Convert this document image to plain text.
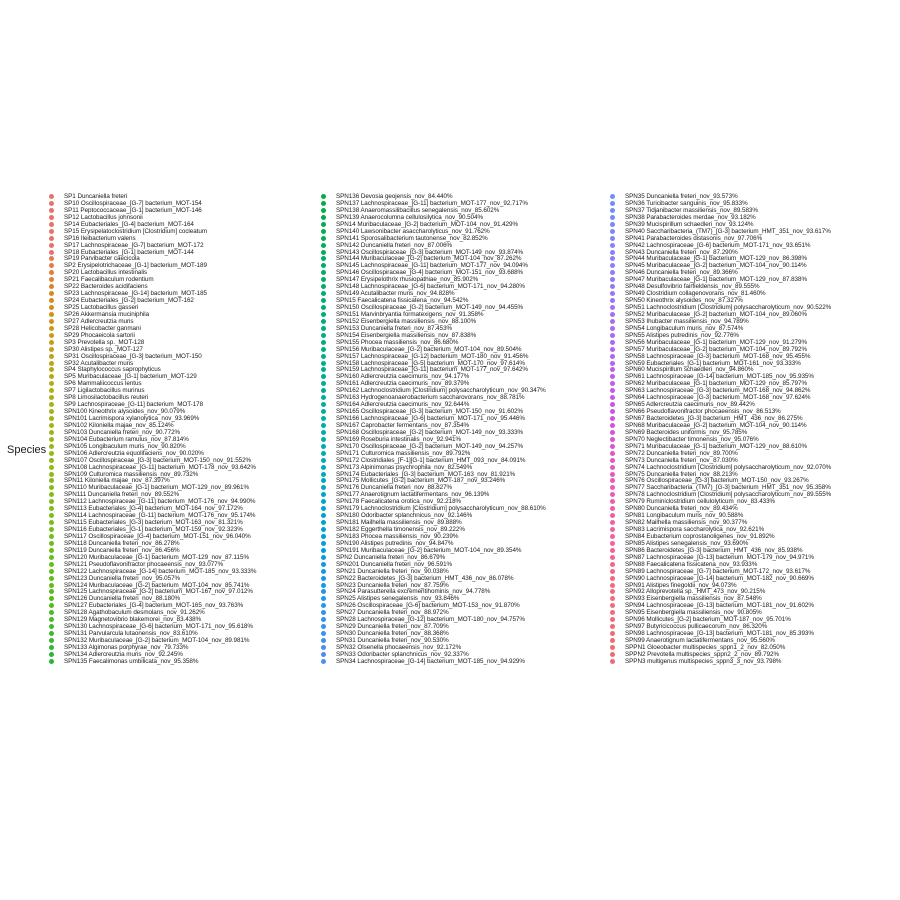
Species
SP1 Duncaniella freteri
SP10 Oscillospiraceae_[G-7] bacterium_MOT-154
SP11 Peptococcaceae_[G-1] bacterium_MOT-146
SP12 Lactobacillus johnsonii
SP14 Eubacteriales_[G-4] bacterium_MOT-164
SP15 Erysipelatoclostridium [Clostridium] cocleatum
SP16 Ileibacterium valens
SP17 Lachnospiraceae_[G-7] bacterium_MOT-172
SP18 Eubacteriales_[G-1] bacterium_MOT-144
SP19 Parvibacter caecicola
SP2 Erysipelotrichaceae_[G-1] bacterium_MOT-189
SP20 Lactobacillus intestinalis
SP21 Faecalibaculum rodentium
SP22 Bacteroides acidifaciens
SP23 Lachnospiraceae_[G-14] bacterium_MOT-185
SP24 Eubacteriales_[G-2] bacterium_MOT-162
SP25 Lactobacillus gasseri
SP26 Akkermansia muciniphila
SP27 Adlercreutzia muris
SP28 Helicobacter ganmani
SP29 Phocaeicola sartorii
SP3 Prevotella sp._MOT-128
SP30 Alistipes sp._MOT-127
SP31 Oscillospiraceae_[G-3] bacterium_MOT-150
SP32 Acutalibacter muris
SP4 Staphylococcus saprophyticus
SP5 Muribaculaceae_[G-1] bacterium_MOT-129
SP6 Mammaliicoccus lentus
SP7 Ligilactobacillus murinus
SP8 Limosilactobacillus reuteri
SP9 Lachnospiraceae_[G-11] bacterium_MOT-178
SPN100 Kineothrix alysoides_nov_90.079%
SPN101 Lacrimispora xylanolytica_nov_93.969%
SPN102 Kiloniella majae_nov_85.124%
SPN103 Duncaniella freteri_nov_90.772%
SPN104 Eubacterium ramulus_nov_87.814%
SPN105 Longibaculum muris_nov_90.820%
SPN106 Adlercreutzia equolifaciens_nov_90.020%
SPN107 Oscillospiraceae_[G-3] bacterium_MOT-150_nov_91.552%
SPN108 Lachnospiraceae_[G-11] bacterium_MOT-178_nov_93.642%
SPN109 Culturomica massiliensis_nov_89.732%
SPN11 Kiloniella majae_nov_87.397%
SPN110 Muribaculaceae_[G-1] bacterium_MOT-129_nov_89.961%
SPN111 Duncaniella freteri_nov_89.552%
SPN112 Lachnospiraceae_[G-11] bacterium_MOT-176_nov_94.990%
SPN113 Eubacteriales_[G-4] bacterium_MOT-164_nov_97.172%
SPN114 Lachnospiraceae_[G-11] bacterium_MOT-176_nov_95.174%
SPN115 Eubacteriales_[G-3] bacterium_MOT-163_nov_81.321%
SPN116 Eubacteriales_[G-1] bacterium_MOT-159_nov_92.323%
SPN117 Oscillospiraceae_[G-4] bacterium_MOT-151_nov_96.040%
SPN118 Duncaniella freteri_nov_86.278%
SPN119 Duncaniella freteri_nov_86.456%
SPN120 Muribaculaceae_[G-1] bacterium_MOT-129_nov_87.115%
SPN121 Pseudoflavonifractor phocaeensis_nov_93.077%
SPN122 Lachnospiraceae_[G-14] bacterium_MOT-185_nov_93.333%
SPN123 Duncaniella freteri_nov_95.057%
SPN124 Muribaculaceae_[G-2] bacterium_MOT-104_nov_85.741%
SPN125 Lachnospiraceae_[G-2] bacterium_MOT-167_nov_97.012%
SPN126 Duncaniella freteri_nov_88.180%
SPN127 Eubacteriales_[G-4] bacterium_MOT-165_nov_93.763%
SPN128 Agathobaculum desmolans_nov_91.262%
SPN129 Magnetovibrio blakemorei_nov_83.438%
SPN130 Lachnospiraceae_[G-6] bacterium_MOT-171_nov_95.618%
SPN131 Parvularcula lutaonensis_nov_83.610%
SPN132 Muribaculaceae_[G-2] bacterium_MOT-104_nov_89.981%
SPN133 Algimonas porphyrae_nov_79.733%
SPN134 Adlercreutzia muris_nov_92.245%
SPN135 Faecalimonas umbilicata_nov_95.358%
SPN136 Devosia geojensis_nov_84.440%
SPN137 Lachnospiraceae_[G-11] bacterium_MOT-177_nov_92.717%
SPN138 Anaeromassilibacillus senegalensis_nov_85.602%
SPN139 Anaerocolumna cellulosilytica_nov_90.504%
SPN14 Muribaculaceae_[G-2] bacterium_MOT-104_nov_91.429%
SPN140 Lawsonibacter asaccharolyticus_nov_91.762%
SPN141 Sporosalibacterium tautonense_nov_82.852%
SPN142 Duncaniella freteri_nov_87.006%
SPN143 Oscillospiraceae_[G-3] bacterium_MOT-149_nov_93.874%
SPN144 Muribaculaceae_[G-2] bacterium_MOT-104_nov_87.262%
SPN145 Lachnospiraceae_[G-11] bacterium_MOT-177_nov_94.094%
SPN146 Oscillospiraceae_[G-4] bacterium_MOT-151_nov_93.688%
SPN147 Erysipelothrix rhusiopathiae_nov_85.902%
SPN148 Lachnospiraceae_[G-6] bacterium_MOT-171_nov_94.280%
SPN149 Acutalibacter muris_nov_94.828%
SPN15 Faecalicatena fissicatena_nov_94.542%
SPN150 Oscillospiraceae_[G-2] bacterium_MOT-149_nov_94.455%
SPN151 Marvinbryantia formatexigens_nov_91.358%
SPN152 Eisenbergiella massiliensis_nov_88.100%
SPN153 Duncaniella freteri_nov_87.453%
SPN154 Eisenbergiella massiliensis_nov_87.838%
SPN155 Phocea massiliensis_nov_86.680%
SPN156 Muribaculaceae_[G-2] bacterium_MOT-104_nov_89.504%
SPN157 Lachnospiraceae_[G-12] bacterium_MOT-180_nov_91.456%
SPN158 Lachnospiraceae_[G-5] bacterium_MOT-170_nov_97.614%
SPN159 Lachnospiraceae_[G-11] bacterium_MOT-177_nov_97.642%
SPN160 Adlercreutzia caecimuris_nov_94.177%
SPN161 Adlercreutzia caecimuris_nov_89.379%
SPN162 Lachnoclostridium [Clostridium] polysaccharolyticum_nov_90.347%
SPN163 Hydrogenoanaerobacterium saccharovorans_nov_88.781%
SPN164 Adlercreutzia caecimuris_nov_92.644%
SPN165 Oscillospiraceae_[G-3] bacterium_MOT-150_nov_91.602%
SPN166 Lachnospiraceae_[G-6] bacterium_MOT-171_nov_95.446%
SPN167 Caprobacter fermentans_nov_87.354%
SPN168 Oscillospiraceae_[G-2] bacterium_MOT-149_nov_93.333%
SPN169 Roseburia intestinalis_nov_92.941%
SPN170 Oscillospiraceae_[G-2] bacterium_MOT-149_nov_94.257%
SPN171 Culturomica massiliensis_nov_89.792%
SPN172 Clostridiales_[F-1][G-1] bacterium_HMT_093_nov_84.091%
SPN173 Alpinimonas psychrophila_nov_82.549%
SPN174 Eubacteriales_[G-3] bacterium_MOT-163_nov_81.921%
SPN175 Mollicutes_[G-2] bacterium_MOT-187_nov_93.246%
SPN176 Duncaniella freteri_nov_88.827%
SPN177 Anaerotignum lactatifermentans_nov_96.139%
SPN178 Faecalicatena orotica_nov_92.218%
SPN179 Lachnoclostridium [Clostridium] polysaccharolyticum_nov_88.610%
SPN180 Odoribacter splanchnicus_nov_92.146%
SPN181 Mailhella massiliensis_nov_89.888%
SPN182 Eggerthella timonensis_nov_89.222%
SPN183 Phocea massiliensis_nov_90.239%
SPN190 Alistipes putredinis_nov_94.847%
SPN191 Muribaculaceae_[G-2] bacterium_MOT-104_nov_89.354%
SPN2 Duncaniella freteri_nov_86.679%
SPN201 Duncaniella freteri_nov_96.591%
SPN21 Duncaniella freteri_nov_90.038%
SPN22 Bacteroidetes_[G-3] bacterium_HMT_436_nov_86.078%
SPN23 Duncaniella freteri_nov_87.759%
SPN24 Parasutterella excrementihominis_nov_94.778%
SPN25 Alistipes senegalensis_nov_93.846%
SPN26 Oscillospiraceae_[G-6] bacterium_MOT-153_nov_91.870%
SPN27 Duncaniella freteri_nov_88.972%
SPN28 Lachnospiraceae_[G-12] bacterium_MOT-180_nov_94.757%
SPN29 Duncaniella freteri_nov_87.709%
SPN30 Duncaniella freteri_nov_88.368%
SPN31 Duncaniella freteri_nov_90.530%
SPN32 Olsenella phocaeensis_nov_92.172%
SPN33 Odoribacter splanchnicus_nov_92.337%
SPN34 Lachnospiraceae_[G-14] bacterium_MOT-185_nov_94.929%
SPN35 Duncaniella freteri_nov_93.573%
SPN36 Turicibacter sanguinis_nov_95.833%
SPN37 Tidjanibacter massiliensis_nov_89.583%
SPN38 Parabacteroides merdae_nov_93.182%
SPN39 Mucispirillum schaedleri_nov_93.124%
SPN40 Saccharibacteria_(TM7)_[G-3] bacterium_HMT_351_nov_93.617%
SPN41 Parabacteroides distasonis_nov_97.706%
SPN42 Lachnospiraceae_[G-6] bacterium_MOT-171_nov_93.651%
SPN43 Duncaniella freteri_nov_87.290%
SPN44 Muribaculaceae_[G-1] bacterium_MOT-129_nov_86.398%
SPN45 Muribaculaceae_[G-2] bacterium_MOT-104_nov_90.114%
SPN46 Duncaniella freteri_nov_89.366%
SPN47 Muribaculaceae_[G-1] bacterium_MOT-129_nov_87.838%
SPN48 Desulfovibrio fairfieldensis_nov_89.555%
SPN49 Clostridium collagenovorans_nov_81.460%
SPN50 Kineothrix alysoides_nov_87.327%
SPN51 Lachnoclostridium [Clostridium] polysaccharolyticum_nov_90.522%
SPN52 Muribaculaceae_[G-2] bacterium_MOT-104_nov_89.060%
SPN53 Ihubacter massiliensis_nov_94.789%
SPN54 Longibaculum muris_nov_87.574%
SPN55 Alistipes putredinis_nov_92.776%
SPN56 Muribaculaceae_[G-1] bacterium_MOT-129_nov_91.279%
SPN57 Muribaculaceae_[G-2] bacterium_MOT-104_nov_89.792%
SPN58 Lachnospiraceae_[G-3] bacterium_MOT-168_nov_95.455%
SPN59 Eubacteriales_[G-1] bacterium_MOT-161_nov_93.333%
SPN60 Mucispirillum schaedleri_nov_94.860%
SPN61 Lachnospiraceae_[G-14] bacterium_MOT-185_nov_95.935%
SPN62 Muribaculaceae_[G-1] bacterium_MOT-129_nov_85.797%
SPN63 Lachnospiraceae_[G-3] bacterium_MOT-168_nov_94.862%
SPN64 Lachnospiraceae_[G-3] bacterium_MOT-168_nov_97.624%
SPN65 Adlercreutzia caecimuris_nov_89.442%
SPN66 Pseudoflavonifractor phocaeensis_nov_86.513%
SPN67 Bacteroidetes_[G-3] bacterium_HMT_436_nov_86.275%
SPN68 Muribaculaceae_[G-2] bacterium_MOT-104_nov_90.114%
SPN69 Bacteroides uniformis_nov_95.785%
SPN70 Neglectibacter timonensis_nov_95.076%
SPN71 Muribaculaceae_[G-1] bacterium_MOT-129_nov_88.610%
SPN72 Duncaniella freteri_nov_89.700%
SPN73 Duncaniella freteri_nov_87.030%
SPN74 Lachnoclostridium [Clostridium] polysaccharolyticum_nov_92.070%
SPN75 Duncaniella freteri_nov_88.213%
SPN76 Oscillospiraceae_[G-3] bacterium_MOT-150_nov_93.267%
SPN77 Saccharibacteria_(TM7)_[G-3] bacterium_HMT_351_nov_95.358%
SPN78 Lachnoclostridium [Clostridium] polysaccharolyticum_nov_89.555%
SPN79 Ruminiclostridium cellulolyticum_nov_83.433%
SPN80 Duncaniella freteri_nov_89.434%
SPN81 Longibaculum muris_nov_90.588%
SPN82 Mailhella massiliensis_nov_90.377%
SPN83 Lacrimispora saccharolytica_nov_92.621%
SPN84 Eubacterium coprostanoligenes_nov_91.892%
SPN85 Alistipes senegalensis_nov_93.690%
SPN86 Bacteroidetes_[G-3] bacterium_HMT_436_nov_85.938%
SPN87 Lachnospiraceae_[G-13] bacterium_MOT-179_nov_94.971%
SPN88 Faecalicatena fissicatena_nov_93.933%
SPN89 Lachnospiraceae_[G-7] bacterium_MOT-172_nov_93.617%
SPN90 Lachnospiraceae_[G-14] bacterium_MOT-182_nov_90.669%
SPN91 Alistipes finegoldii_nov_94.073%
SPN92 Alloprevotella sp._HMT_473_nov_90.215%
SPN93 Eisenbergiella massiliensis_nov_87.548%
SPN94 Lachnospiraceae_[G-13] bacterium_MOT-181_nov_91.602%
SPN95 Eisenbergiella massiliensis_nov_90.805%
SPN96 Mollicutes_[G-2] bacterium_MOT-187_nov_95.701%
SPN97 Butyricicoccus pullicaecorum_nov_86.320%
SPN98 Lachnospiraceae_[G-13] bacterium_MOT-181_nov_85.393%
SPN99 Anaerotignum lactatifermentans_nov_95.560%
SPPN1 Gloeobacter multispecies_sppn1_2_nov_82.050%
SPPN2 Prevotella multispecies_sppn2_2_nov_89.792%
SPPN3 multigenus multispecies_sppn3_3_nov_93.798%
